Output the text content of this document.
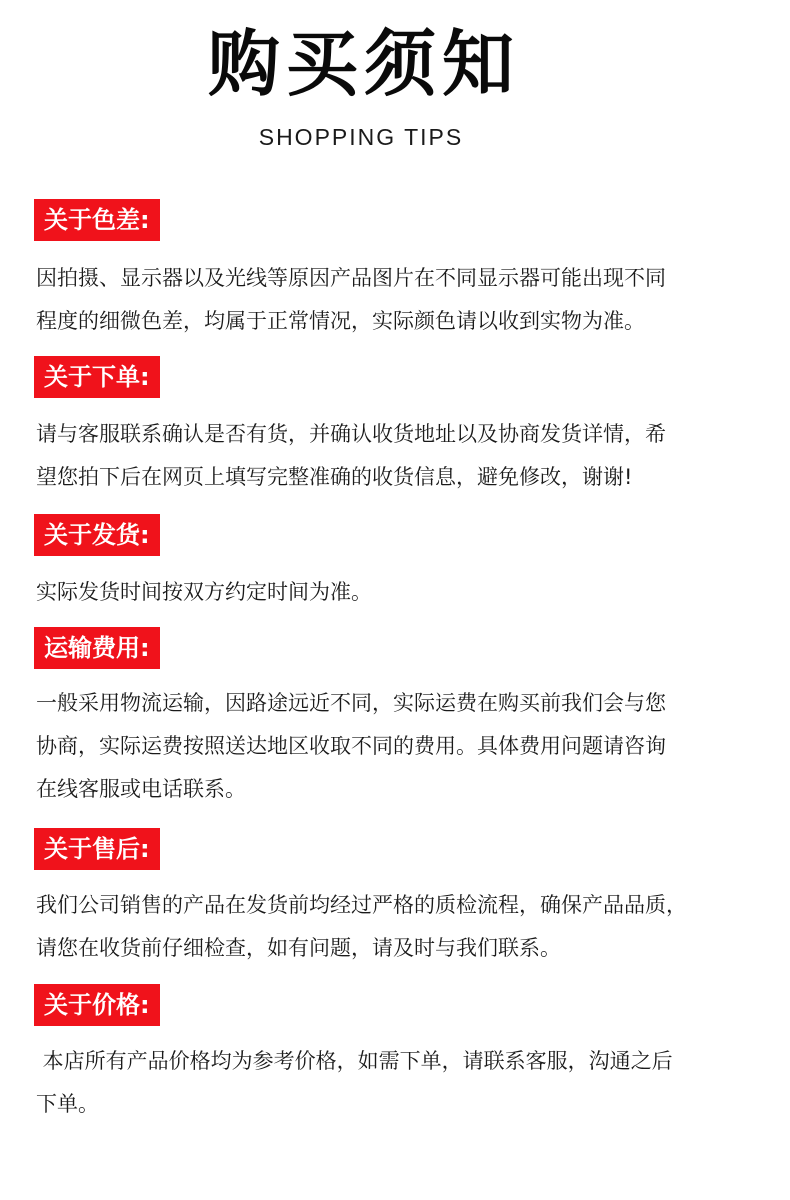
购买须知
SHOPPING TIPS
关于色差:
因拍摄、显示器以及光线等原因产品图片在不同显示器可能出现不同
程度的细微色差，均属于正常情况，实际颜色请以收到实物为准。
关于下单:
请与客服联系确认是否有货，并确认收货地址以及协商发货详情，希
望您拍下后在网页上填写完整准确的收货信息，避免修改，谢谢!
关于发货:
实际发货时间按双方约定时间为准。
运输费用:
一般采用物流运输，因路途远近不同，实际运费在购买前我们会与您
协商，实际运费按照送达地区收取不同的费用。具体费用问题请咨询
在线客服或电话联系。
关于售后:
我们公司销售的产品在发货前均经过严格的质检流程，确保产品品质，
请您在收货前仔细检查，如有问题，请及时与我们联系。
关于价格:
本店所有产品价格均为参考价格，如需下单，请联系客服，沟通之后
下单。
